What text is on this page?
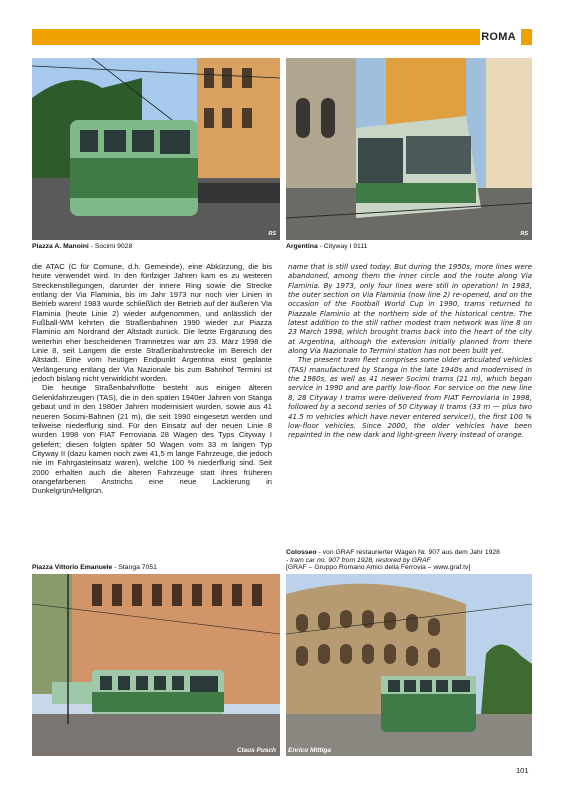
ROMA
RS
Piazza A. Manoini - Socimi 9028
RS
Argentina - Cityway I 9111

die ATAC (C für Comune, d.h. Gemeinde), eine Abkürzung, die bis heute verwendet wird. In den fünfziger Jahren kam es zu weiteren Streckenstillegungen, darunter der innere Ring sowie die Strecke entlang der Via Flaminia, bis im Jahr 1973 nur noch vier Linien in Betrieb waren! 1983 wurde schließlich der Betrieb auf der äußeren Via Flaminia (heute Linie 2) wieder aufgenommen, und anlässlich der Fußball-WM kehrten die Straßenbahnen 1990 wieder zur Piazza Flaminio am Nordrand der Altstadt zurück. Die letzte Ergänzung des weiterhin eher bescheidenen Tramnetzes war am 23. März 1998 die Linie 8, seit Langem die erste Straßenbahnstrecke im Bereich der Altstadt. Eine vom heutigen Endpunkt Argentina einst geplante Verlängerung entlang der Via Nazionale bis zum Bahnhof Termini ist jedoch bislang nicht verwirklicht worden.

Die heutige Straßenbahnflotte besteht aus einigen älteren Gelenkfahrzeugen (TAS), die in den späten 1940er Jahren von Stanga gebaut und in den 1980er Jahren modernisiert wurden, sowie aus 41 neueren Socimi-Bahnen (21 m), die seit 1990 eingesetzt werden und teilweise niederflurig sind. Für den Einsatz auf der neuen Linie 8 wurden 1998 von FIAT Ferroviaria 28 Wagen des Typs Cityway I geliefert; diesen folgten später 50 Wagen vom 33 m langen Typ Cityway II (dazu kamen noch zwei 41,5 m lange Fahrzeuge, die jedoch nie im Fahrgasteinsatz waren), welche 100 % niederflurig sind. Seit 2000 erhalten auch die älteren Fahrzeuge statt ihres früheren orangefarbenen Anstrichs eine neue Lackierung in Dunkelgrün/Hellgrün.

name that is still used today. But during the 1950s, more lines were abandoned, among them the inner circle and the route along Via Flaminia. By 1973, only four lines were still in operation! In 1983, the outer section on Via Flaminia (now line 2) re-opened, and on the occasion of the Football World Cup in 1990, trams returned to Piazzale Flaminio at the northern side of the historical centre. The latest addition to the still rather modest tram network was line 8 on 23 March 1998, which brought trams back into the heart of the city at Argentina, although the extension initially planned from there along Via Nazionale to Termini station has not been built yet.

The present tram fleet comprises some older articulated vehicles (TAS) manufactured by Stanga in the late 1940s and modernised in the 1980s, as well as 41 newer Socimi trams (21 m), which began service in 1990 and are partly low-floor. For service on the new line 8, 28 Cityway I trams were delivered from FIAT Ferroviaria in 1998, followed by a second series of 50 Cityway II trams (33 m — plus two 41.5 m vehicles which have never entered service!), the first 100 % low-floor vehicles. Since 2000, the older vehicles have been repainted in the new dark and light-green livery instead of orange.

Colosseo - von GRAF restaurierter Wagen Nr. 907 aus dem Jahr 1928
- tram car no. 907 from 1928, restored by GRAF
[GRAF – Gruppo Romano Amici della Ferrovia – www.graf.tv]
Piazza Vittorio Emanuele - Stanga 7051
Claus Pusch Enrico Mittiga
101
